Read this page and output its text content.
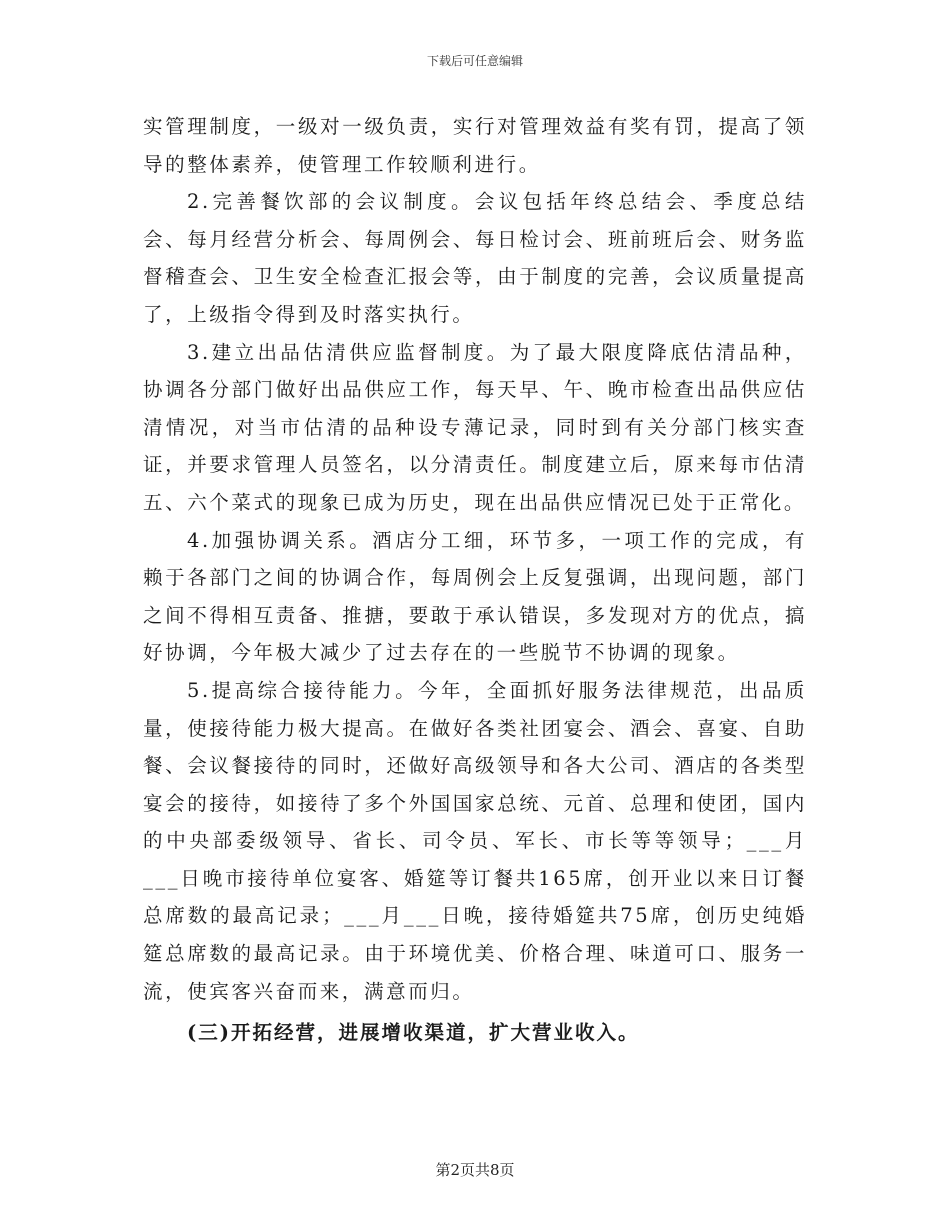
下载后可任意编辑

实管理制度，一级对一级负责，实行对管理效益有奖有罚，提高了领导的整体素养，使管理工作较顺利进行。

2.完善餐饮部的会议制度。会议包括年终总结会、季度总结会、每月经营分析会、每周例会、每日检讨会、班前班后会、财务监督稽查会、卫生安全检查汇报会等，由于制度的完善，会议质量提高了，上级指令得到及时落实执行。

3.建立出品估清供应监督制度。为了最大限度降底估清品种，协调各分部门做好出品供应工作，每天早、午、晚市检查出品供应估清情况，对当市估清的品种设专薄记录，同时到有关分部门核实查证，并要求管理人员签名，以分清责任。制度建立后，原来每市估清五、六个菜式的现象已成为历史，现在出品供应情况已处于正常化。

4.加强协调关系。酒店分工细，环节多，一项工作的完成，有赖于各部门之间的协调合作，每周例会上反复强调，出现问题，部门之间不得相互责备、推搪，要敢于承认错误，多发现对方的优点，搞好协调，今年极大减少了过去存在的一些脱节不协调的现象。

5.提高综合接待能力。今年，全面抓好服务法律规范，出品质量，使接待能力极大提高。在做好各类社团宴会、酒会、喜宴、自助餐、会议餐接待的同时，还做好高级领导和各大公司、酒店的各类型宴会的接待，如接待了多个外国国家总统、元首、总理和使团，国内的中央部委级领导、省长、司令员、军长、市长等等领导；___月___日晚市接待单位宴客、婚筵等订餐共165席，创开业以来日订餐总席数的最高记录；___月___日晚，接待婚筵共75席，创历史纯婚筵总席数的最高记录。由于环境优美、价格合理、味道可口、服务一流，使宾客兴奋而来，满意而归。

(三)开拓经营，进展增收渠道，扩大营业收入。

第2页共8页
